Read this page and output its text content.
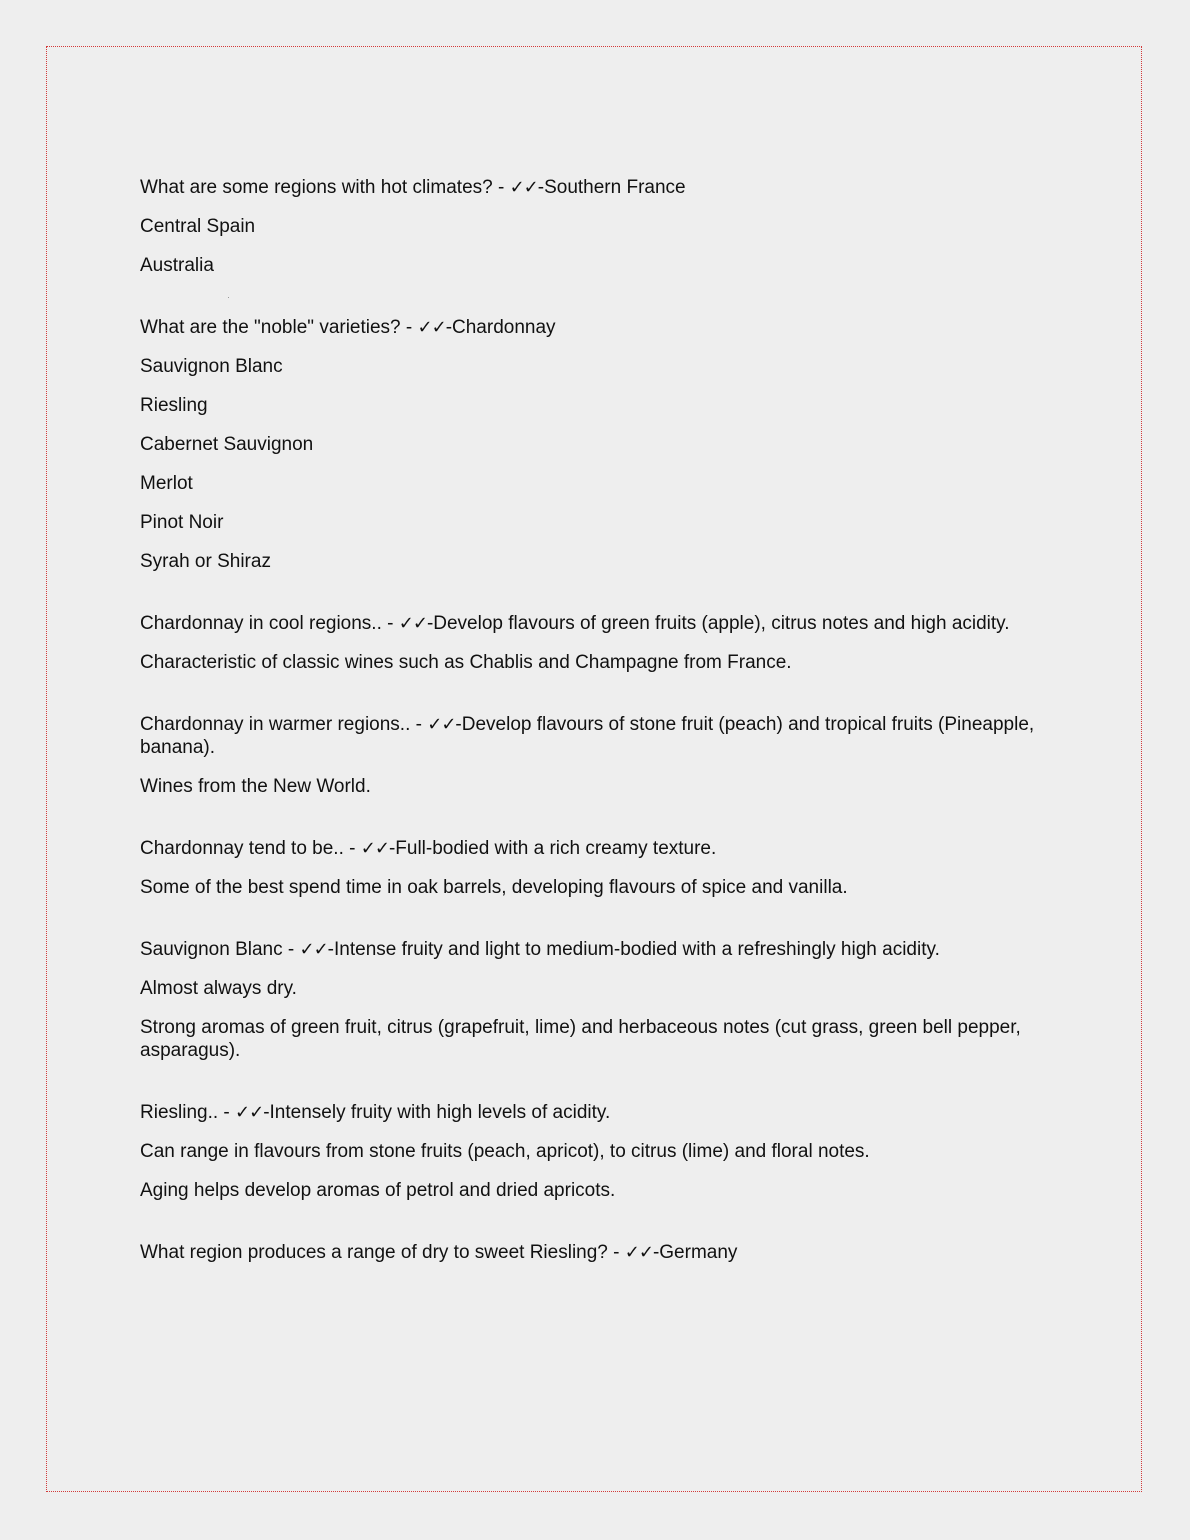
What are some regions with hot climates? - ✓✓-Southern France

Central Spain

Australia

What are the "noble" varieties? - ✓✓-Chardonnay

Sauvignon Blanc

Riesling

Cabernet Sauvignon

Merlot

Pinot Noir

Syrah or Shiraz

Chardonnay in cool regions.. - ✓✓-Develop flavours of green fruits (apple), citrus notes and high acidity.

Characteristic of classic wines such as Chablis and Champagne from France.

Chardonnay in warmer regions.. - ✓✓-Develop flavours of stone fruit (peach) and tropical fruits (Pineapple, banana).

Wines from the New World.

Chardonnay tend to be.. - ✓✓-Full-bodied with a rich creamy texture.

Some of the best spend time in oak barrels, developing flavours of spice and vanilla.

Sauvignon Blanc - ✓✓-Intense fruity and light to medium-bodied with a refreshingly high acidity.

Almost always dry.

Strong aromas of green fruit, citrus (grapefruit, lime) and herbaceous notes (cut grass, green bell pepper, asparagus).

Riesling.. - ✓✓-Intensely fruity with high levels of acidity.

Can range in flavours from stone fruits (peach, apricot), to citrus (lime) and floral notes.

Aging helps develop aromas of petrol and dried apricots.

What region produces a range of dry to sweet Riesling? - ✓✓-Germany
